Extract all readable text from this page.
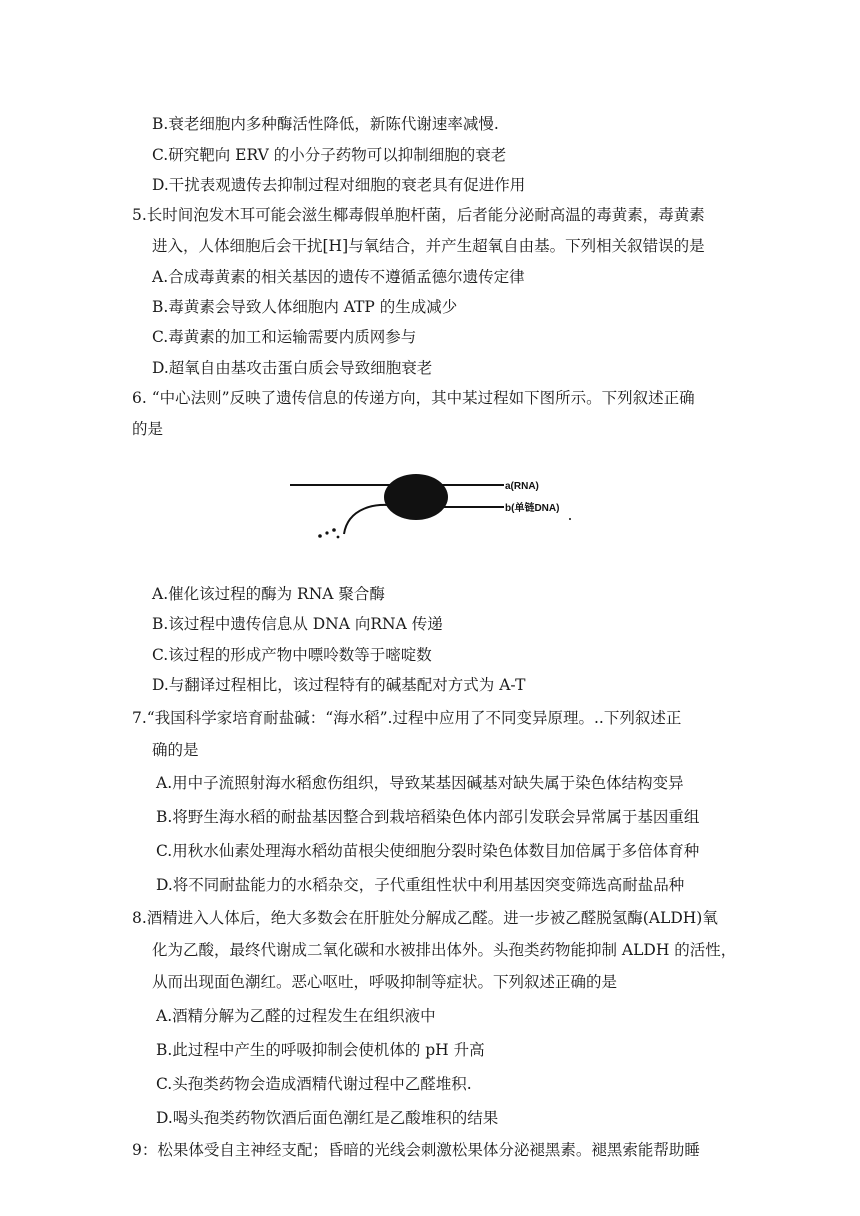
B.衰老细胞内多种酶活性降低，新陈代谢速率减慢.
C.研究靶向 ERV 的小分子药物可以抑制细胞的衰老
D.干扰表观遗传去抑制过程对细胞的衰老具有促进作用
5.长时间泡发木耳可能会滋生椰毒假单胞杆菌，后者能分泌耐高温的毒黄素，毒黄素
进入，人体细胞后会干扰[H]与氧结合，并产生超氧自由基。下列相关叙错误的是
A.合成毒黄素的相关基因的遗传不遵循孟德尔遗传定律
B.毒黄素会导致人体细胞内 ATP 的生成减少
C.毒黄素的加工和运输需要内质网参与
D.超氧自由基攻击蛋白质会导致细胞衰老
6. “中心法则”反映了遗传信息的传递方向，其中某过程如下图所示。下列叙述正确
的是
a(RNA)
b(单链DNA)
A.催化该过程的酶为 RNA 聚合酶
B.该过程中遗传信息从 DNA 向RNA 传递
C.该过程的形成产物中嘌呤数等于嘧啶数
D.与翻译过程相比，该过程特有的碱基配对方式为 A-T
7.“我国科学家培育耐盐碱：“海水稻”.过程中应用了不同变异原理。..下列叙述正
确的是
A.用中子流照射海水稻愈伤组织，导致某基因碱基对缺失属于染色体结构变异
B.将野生海水稻的耐盐基因整合到栽培稻染色体内部引发联会异常属于基因重组
C.用秋水仙素处理海水稻幼苗根尖使细胞分裂时染色体数目加倍属于多倍体育种
D.将不同耐盐能力的水稻杂交，子代重组性状中利用基因突变筛选高耐盐品种
8.酒精进入人体后，绝大多数会在肝脏处分解成乙醛。进一步被乙醛脱氢酶(ALDH)氧
化为乙酸，最终代谢成二氧化碳和水被排出体外。头孢类药物能抑制 ALDH 的活性，
从而出现面色潮红。恶心呕吐，呼吸抑制等症状。下列叙述正确的是
A.酒精分解为乙醛的过程发生在组织液中
B.此过程中产生的呼吸抑制会使机体的 pH 升高
C.头孢类药物会造成酒精代谢过程中乙醛堆积.
D.喝头孢类药物饮酒后面色潮红是乙酸堆积的结果
9：松果体受自主神经支配；昏暗的光线会刺激松果体分泌褪黑素。褪黑索能帮助睡
